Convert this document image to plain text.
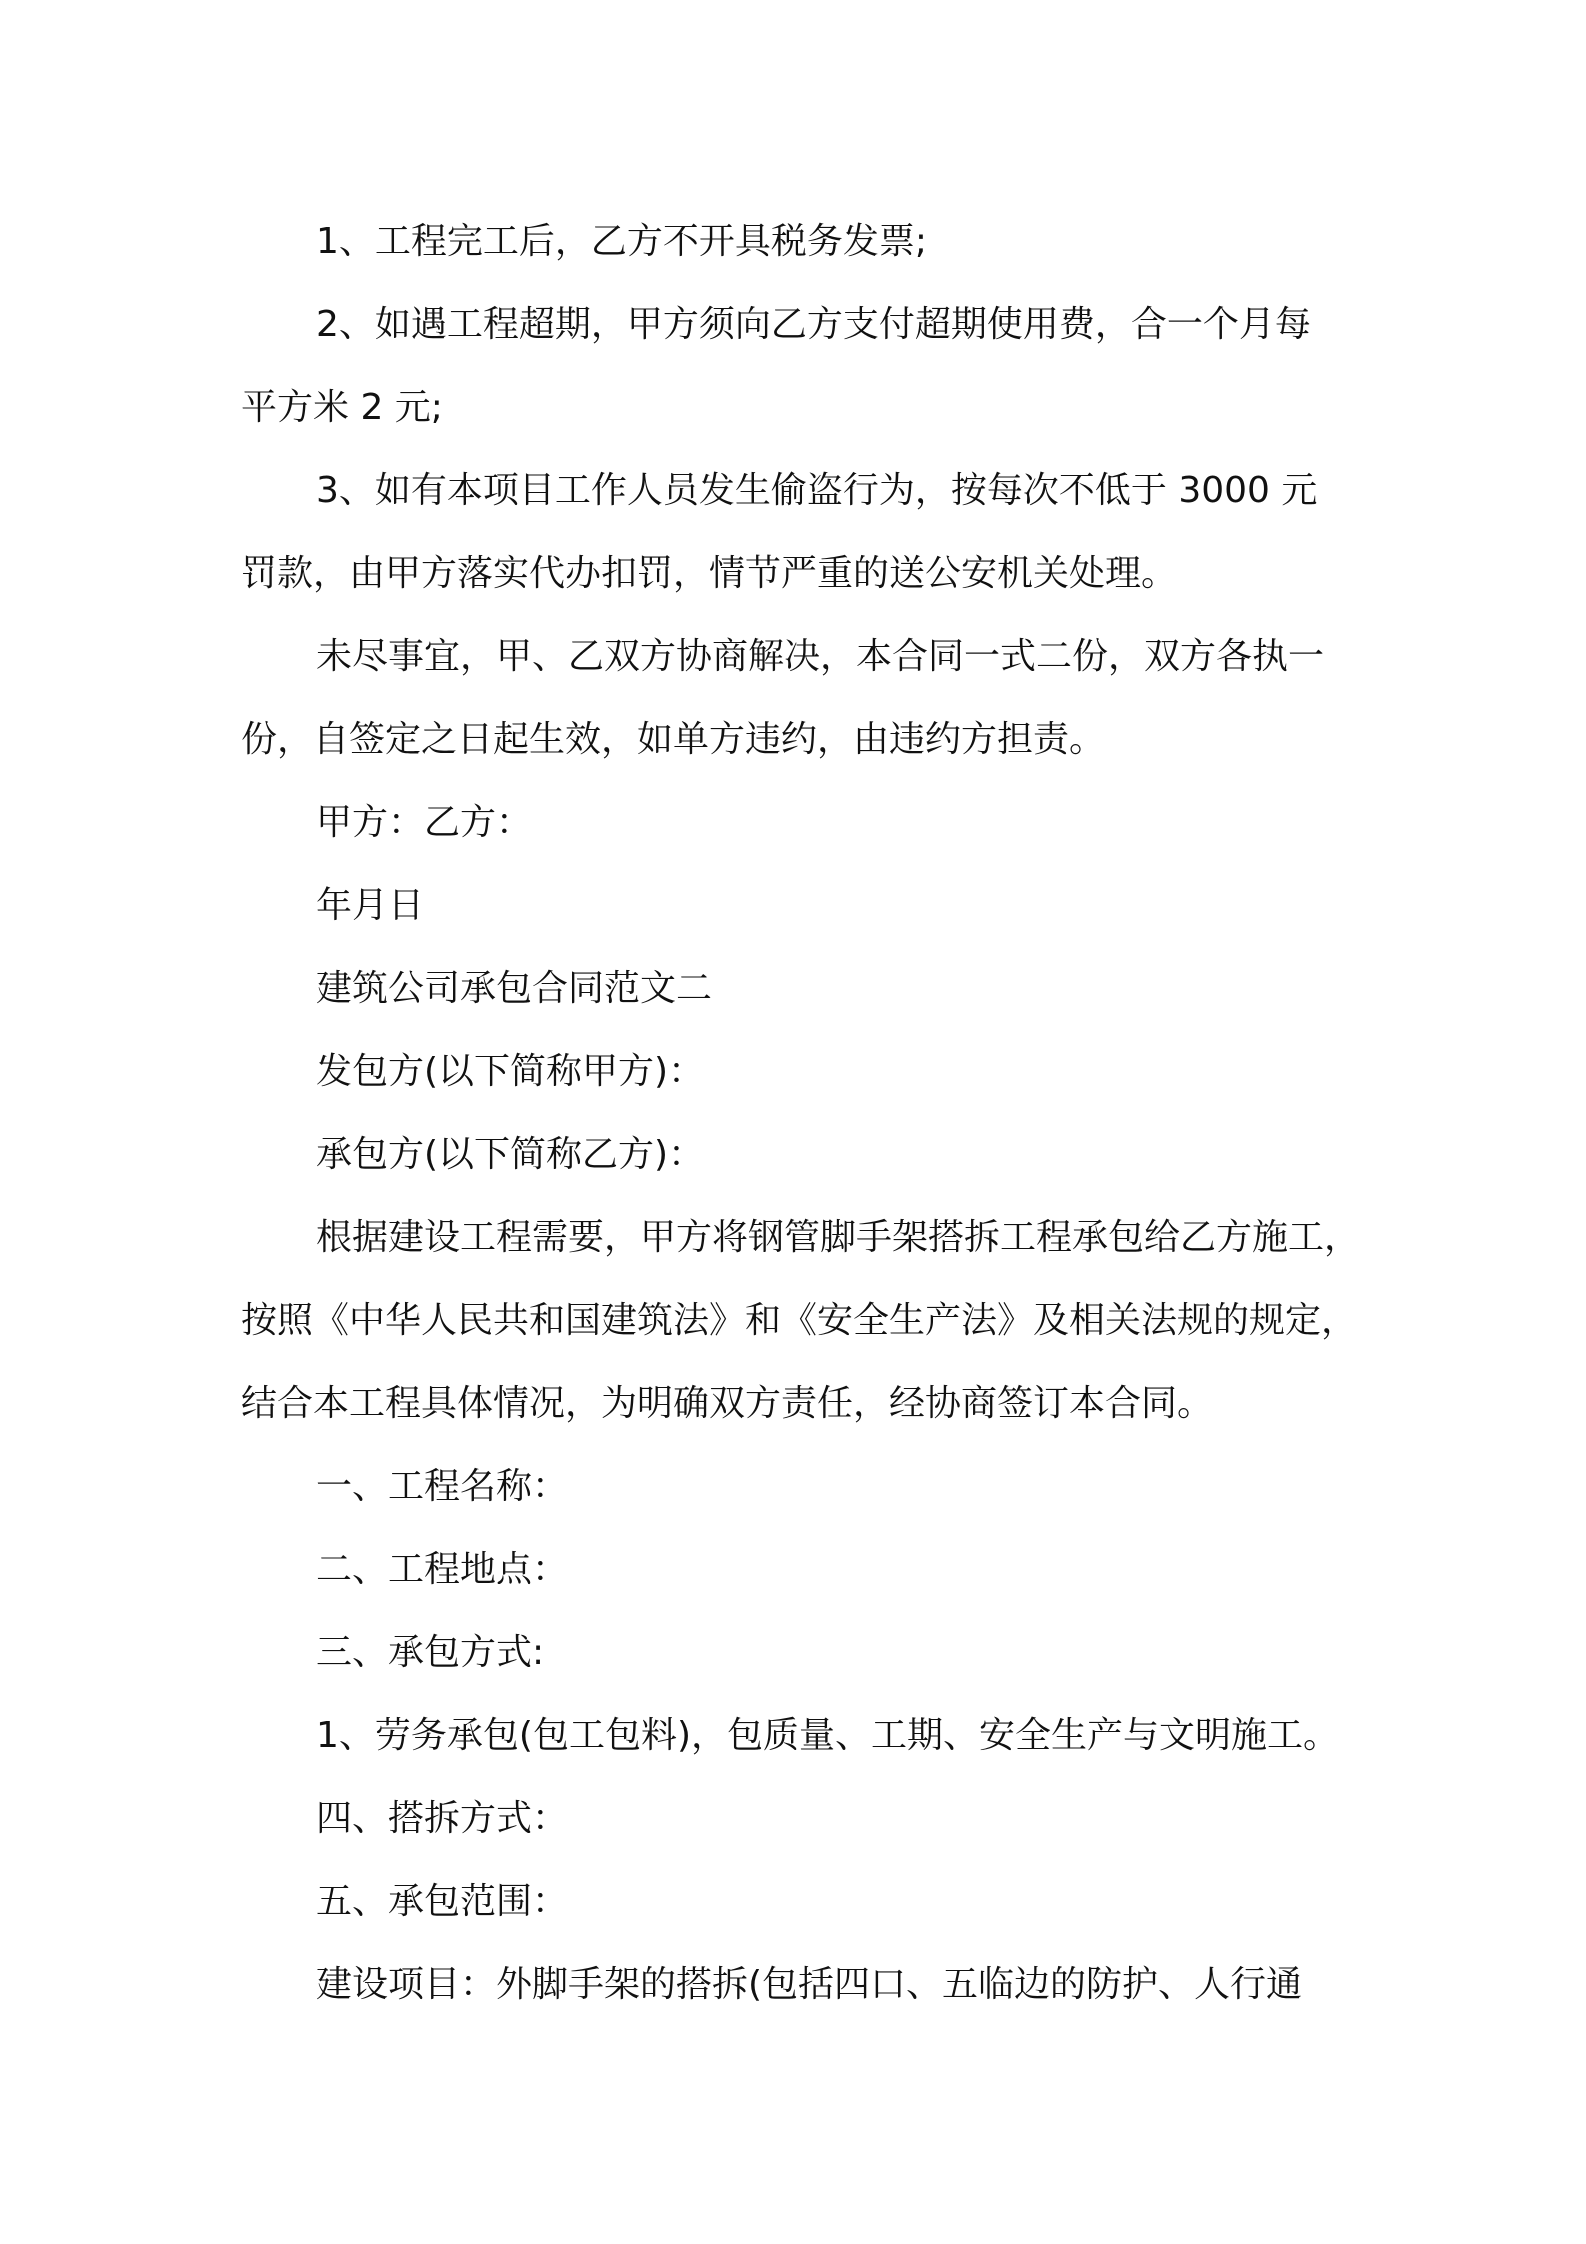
1、工程完工后，乙方不开具税务发票;

2、如遇工程超期，甲方须向乙方支付超期使用费，合一个月每
平方米 2 元;

3、如有本项目工作人员发生偷盗行为，按每次不低于 3000 元
罚款，由甲方落实代办扣罚，情节严重的送公安机关处理。

未尽事宜，甲、乙双方协商解决，本合同一式二份，双方各执一
份，自签定之日起生效，如单方违约，由违约方担责。

甲方：乙方：

年月日

建筑公司承包合同范文二

发包方(以下简称甲方)：

承包方(以下简称乙方)：

根据建设工程需要，甲方将钢管脚手架搭拆工程承包给乙方施工，
按照《中华人民共和国建筑法》和《安全生产法》及相关法规的规定，
结合本工程具体情况，为明确双方责任，经协商签订本合同。

一、工程名称：

二、工程地点：

三、承包方式:

1、劳务承包(包工包料)，包质量、工期、安全生产与文明施工。

四、搭拆方式：

五、承包范围：

建设项目：外脚手架的搭拆(包括四口、五临边的防护、人行通
